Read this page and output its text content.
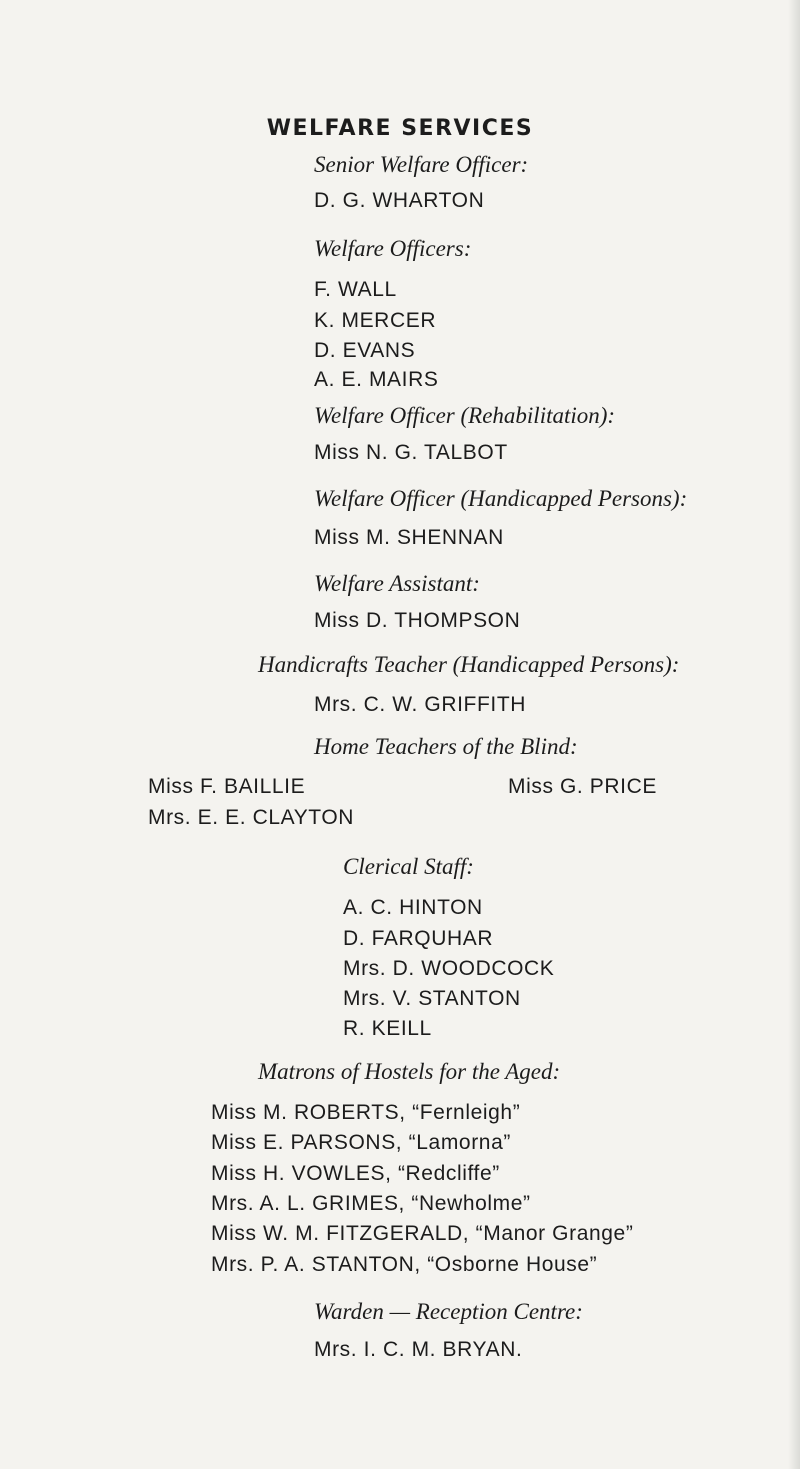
WELFARE SERVICES
Senior Welfare Officer:
D. G. WHARTON
Welfare Officers:
F. WALL
K. MERCER
D. EVANS
A. E. MAIRS
Welfare Officer (Rehabilitation):
Miss N. G. TALBOT
Welfare Officer (Handicapped Persons):
Miss M. SHENNAN
Welfare Assistant:
Miss D. THOMPSON
Handicrafts Teacher (Handicapped Persons):
Mrs. C. W. GRIFFITH
Home Teachers of the Blind:
Miss F. BAILLIE	Miss G. PRICE
Mrs. E. E. CLAYTON
Clerical Staff:
A. C. HINTON
D. FARQUHAR
Mrs. D. WOODCOCK
Mrs. V. STANTON
R. KEILL
Matrons of Hostels for the Aged:
Miss M. ROBERTS, “Fernleigh”
Miss E. PARSONS, “Lamorna”
Miss H. VOWLES, “Redcliffe”
Mrs. A. L. GRIMES, “Newholme”
Miss W. M. FITZGERALD, “Manor Grange”
Mrs. P. A. STANTON, “Osborne House”
Warden — Reception Centre:
Mrs. I. C. M. BRYAN.
